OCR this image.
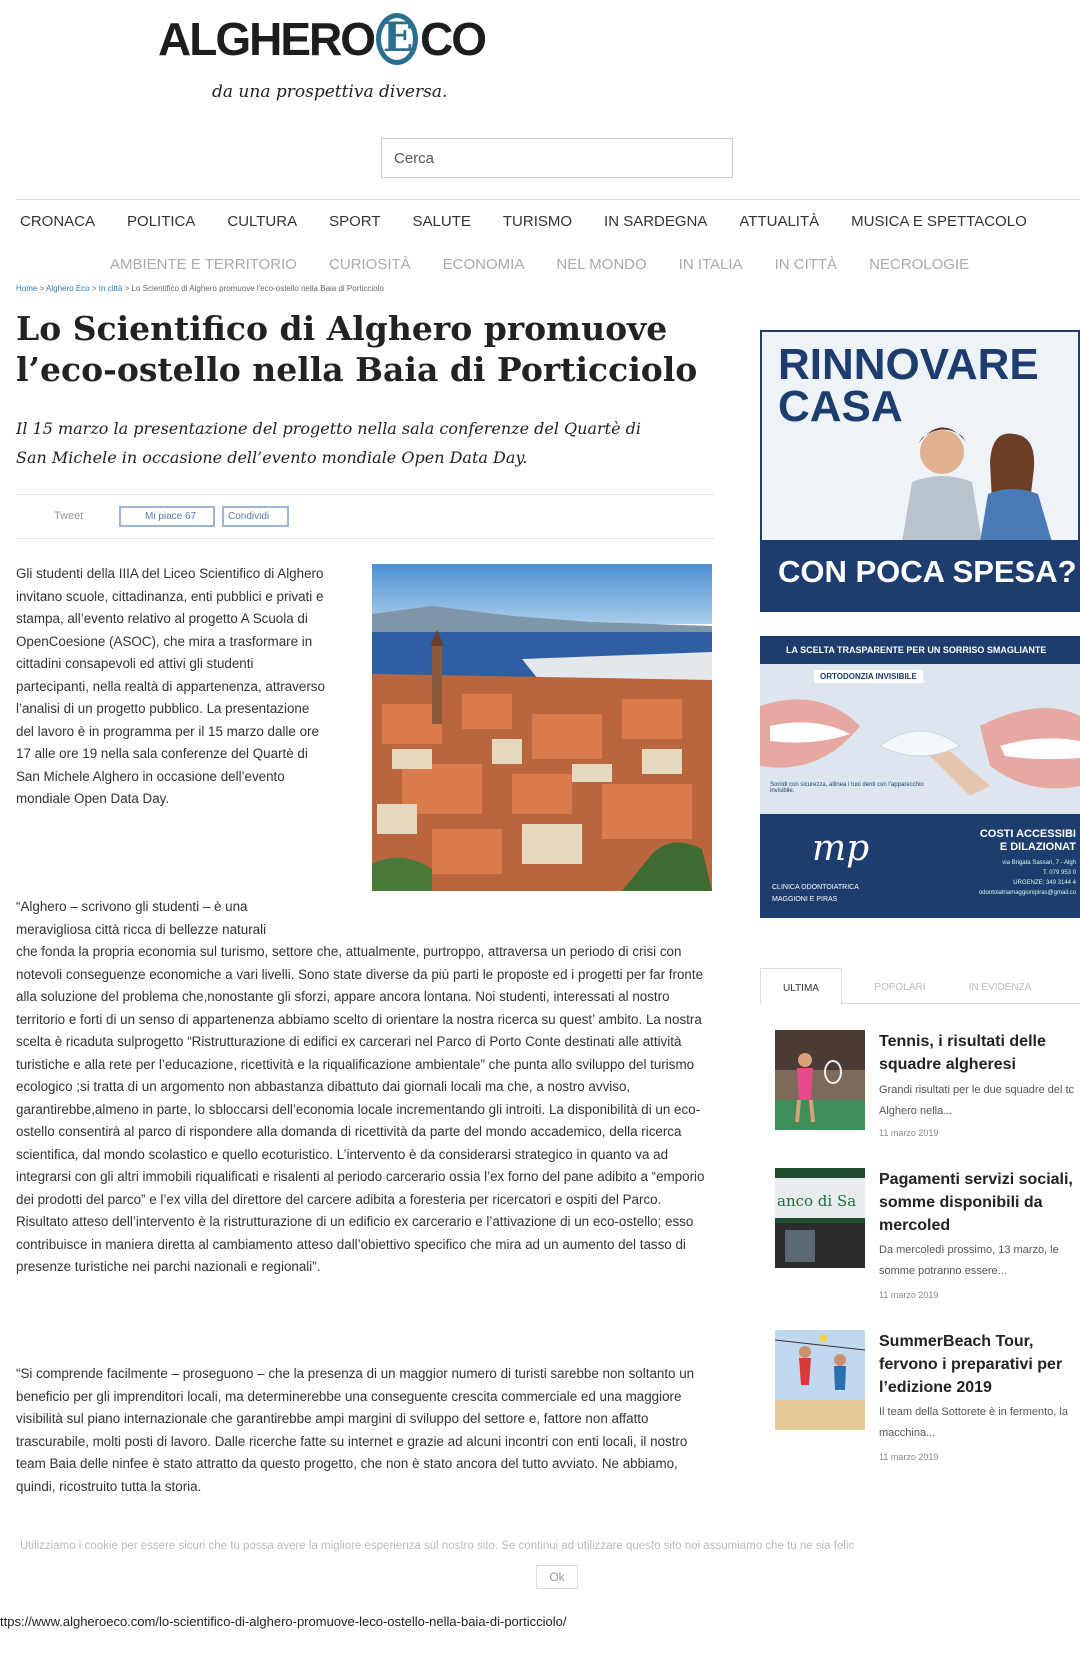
ALGHERO E CO
da una prospettiva diversa.
Cerca
CRONACA POLITICA CULTURA SPORT SALUTE TURISMO IN SARDEGNA ATTUALITÀ MUSICA E SPETTACOLO
AMBIENTE E TERRITORIO CURIOSITÀ ECONOMIA NEL MONDO IN ITALIA IN CITTÀ NECROLOGIE
Home > Alghero Eco > In città > Lo Scientifico di Alghero promuove l'eco-ostello nella Baia di Porticciolo
Lo Scientifico di Alghero promuove l’eco-ostello nella Baia di Porticciolo
Il 15 marzo la presentazione del progetto nella sala conferenze del Quartè di San Michele in occasione dell’evento mondiale Open Data Day.
Tweet	Mi piace 67	Condividi
Gli studenti della IIIA del Liceo Scientifico di Alghero invitano scuole, cittadinanza, enti pubblici e privati e stampa, all’evento relativo al progetto A Scuola di OpenCoesione (ASOC), che mira a trasformare in cittadini consapevoli ed attivi gli studenti partecipanti, nella realtà di appartenenza, attraverso l’analisi di un progetto pubblico. La presentazione del lavoro è in programma per il 15 marzo dalle ore 17 alle ore 19 nella sala conferenze del Quartè di San Michele Alghero in occasione dell’evento mondiale Open Data Day.
“Alghero – scrivono gli studenti – è una meravigliosa città ricca di bellezze naturali
che fonda la propria economia sul turismo, settore che, attualmente, purtroppo, attraversa un periodo di crisi con notevoli conseguenze economiche a vari livelli. Sono state diverse da più parti le proposte ed i progetti per far fronte alla soluzione del problema che,nonostante gli sforzi, appare ancora lontana. Noi studenti, interessati al nostro territorio e forti di un senso di appartenenza abbiamo scelto di orientare la nostra ricerca su quest’ ambito. La nostra scelta è ricaduta sulprogetto “Ristrutturazione di edifici ex carcerari nel Parco di Porto Conte destinati alle attività turistiche e alla rete per l’educazione, ricettività e la riqualificazione ambientale” che punta allo sviluppo del turismo ecologico ;si tratta di un argomento non abbastanza dibattuto dai giornali locali ma che, a nostro avviso, garantirebbe,almeno in parte, lo sbloccarsi dell’economia locale incrementando gli introiti. La disponibilità di un eco-ostello consentirà al parco di rispondere alla domanda di ricettività da parte del mondo accademico, della ricerca scientifica, dal mondo scolastico e quello ecoturistico. L’intervento è da considerarsi strategico in quanto va ad integrarsi con gli altri immobili riqualificati e risalenti al periodo carcerario ossia l’ex forno del pane adibito a “emporio dei prodotti del parco” e l’ex villa del direttore del carcere adibita a foresteria per ricercatori e ospiti del Parco. Risultato atteso dell’intervento è la ristrutturazione di un edificio ex carcerario e l’attivazione di un eco-ostello; esso contribuisce in maniera diretta al cambiamento atteso dall’obiettivo specifico che mira ad un aumento del tasso di presenze turistiche nei parchi nazionali e regionali”.
“Si comprende facilmente – proseguono – che la presenza di un maggior numero di turisti sarebbe non soltanto un beneficio per gli imprenditori locali, ma determinerebbe una conseguente crescita commerciale ed una maggiore visibilità sul piano internazionale che garantirebbe ampi margini di sviluppo del settore e, fattore non affatto trascurabile, molti posti di lavoro. Dalle ricerche fatte su internet e grazie ad alcuni incontri con enti locali, il nostro team Baia delle ninfee è stato attratto da questo progetto, che non è stato ancora del tutto avviato. Ne abbiamo, quindi, ricostruito tutta la storia.
RINNOVARE
CASA
CON POCA SPESA?
LA SCELTA TRASPARENTE PER UN SORRISO SMAGLIANTE
ORTODONZIA INVISIBILE
Sorridi con sicurezza, allinea i tuoi denti con l’apparecchio invisibile.
mp
CLINICA ODONTOIATRICA
MAGGIONI E PIRAS
COSTI ACCESSIBI
E DILAZIONAT
via Brigata Sassari, 7 - Algh
T. 079 953 0
URGENZE: 349 3144 4
odontoiatriamaggionipiras@gmail.co
ULTIMA	POPOLARI	IN EVIDENZA
Tennis, i risultati delle squadre algheresi
Grandi risultati per le due squadre del tc Alghero nella...
11 marzo 2019
anco di Sa
Pagamenti servizi sociali, somme disponibili da mercoled
Da mercoledì prossimo, 13 marzo, le somme potranno essere...
11 marzo 2019
SummerBeach Tour, fervono i preparativi per l’edizione 2019
Il team della Sottorete è in fermento, la macchina...
11 marzo 2019
Utilizziamo i cookie per essere sicuri che tu possa avere la migliore esperienza sul nostro sito. Se continui ad utilizzare questo sito noi assumiamo che tu ne sia felic
Ok
ttps://www.algheroeco.com/lo-scientifico-di-alghero-promuove-leco-ostello-nella-baia-di-porticciolo/
